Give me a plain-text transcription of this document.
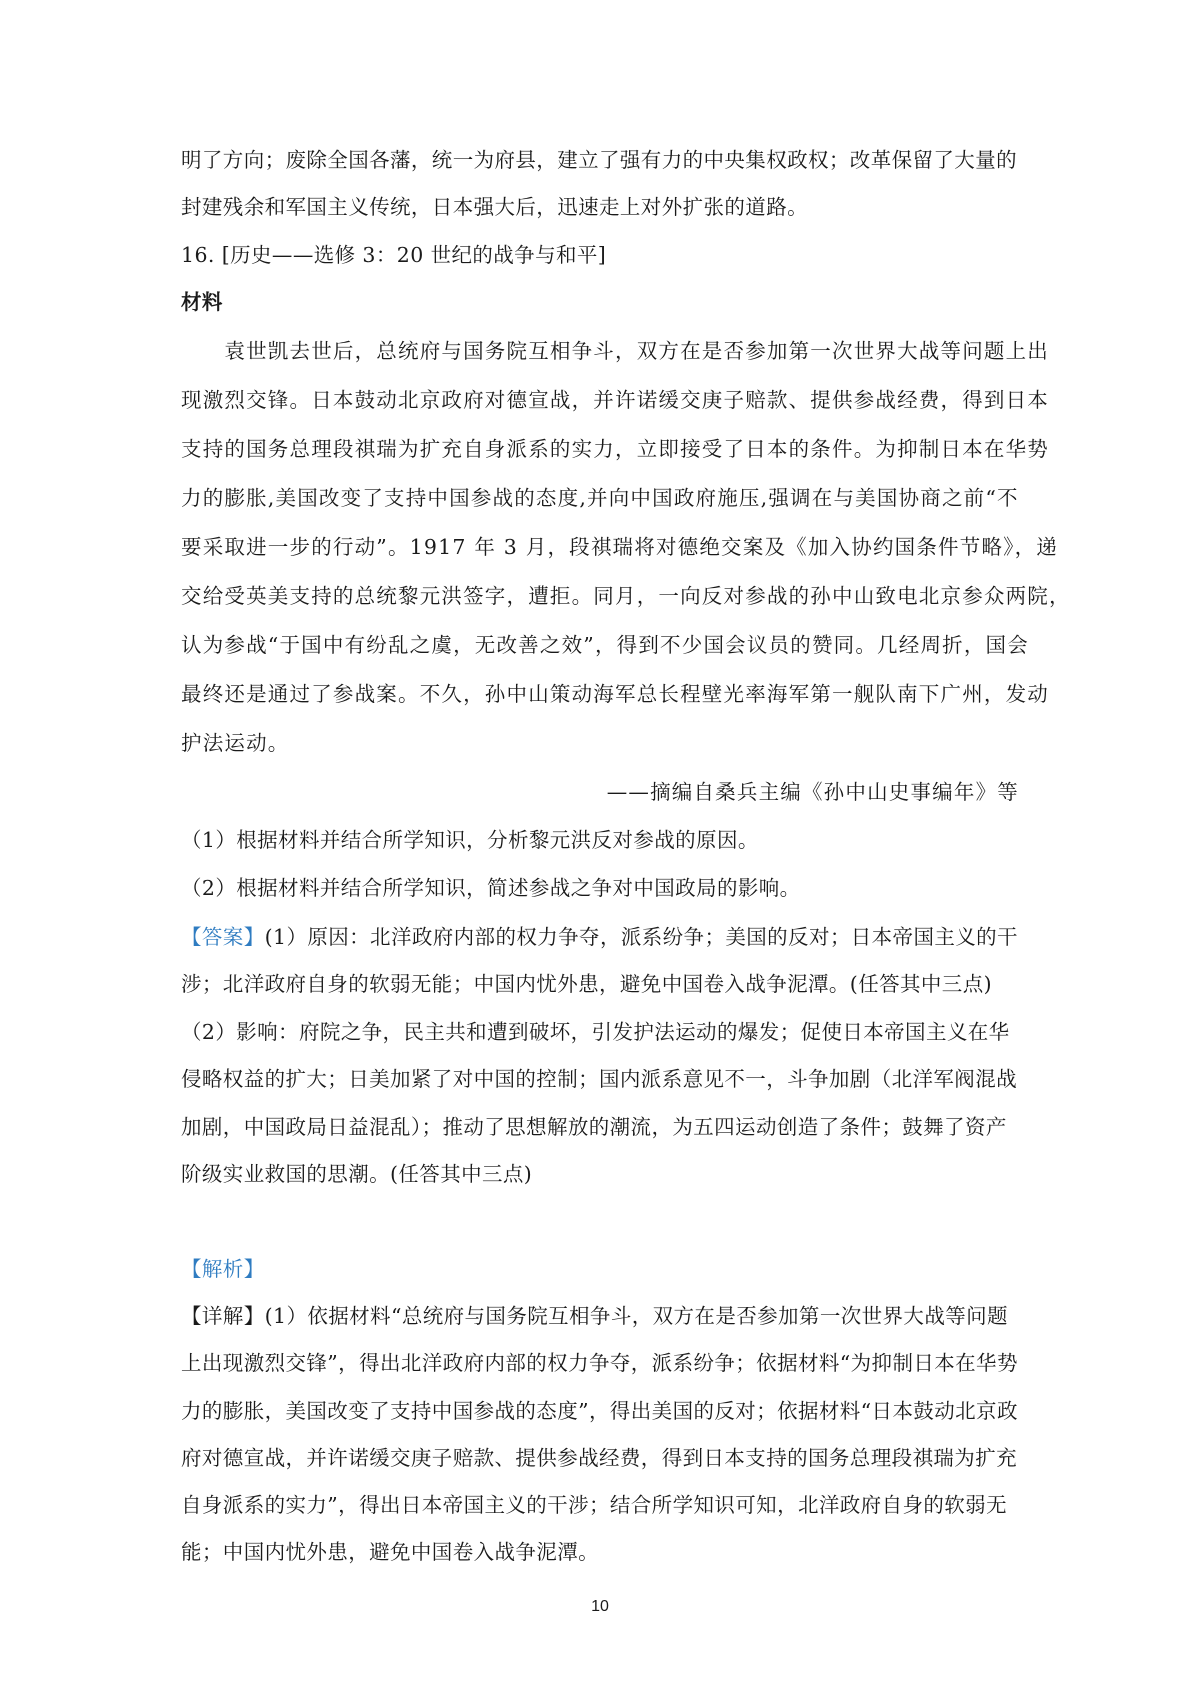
明了方向；废除全国各藩，统一为府县，建立了强有力的中央集权政权；改革保留了大量的
封建残余和军国主义传统，日本强大后，迅速走上对外扩张的道路。
16. [历史——选修 3：20 世纪的战争与和平]
材料
　　袁世凯去世后，总统府与国务院互相争斗，双方在是否参加第一次世界大战等问题上出
现激烈交锋。日本鼓动北京政府对德宣战，并许诺缓交庚子赔款、提供参战经费，得到日本
支持的国务总理段祺瑞为扩充自身派系的实力，立即接受了日本的条件。为抑制日本在华势
力的膨胀,美国改变了支持中国参战的态度,并向中国政府施压,强调在与美国协商之前“不
要采取进一步的行动”。1917 年 3 月，段祺瑞将对德绝交案及《加入协约国条件节略》，递
交给受英美支持的总统黎元洪签字，遭拒。同月，一向反对参战的孙中山致电北京参众两院，
认为参战“于国中有纷乱之虞，无改善之效”，得到不少国会议员的赞同。几经周折，国会
最终还是通过了参战案。不久，孙中山策动海军总长程壁光率海军第一舰队南下广州，发动
护法运动。
——摘编自桑兵主编《孙中山史事编年》等
（1）根据材料并结合所学知识，分析黎元洪反对参战的原因。
（2）根据材料并结合所学知识，简述参战之争对中国政局的影响。
【答案】(1）原因：北洋政府内部的权力争夺，派系纷争；美国的反对；日本帝国主义的干
涉；北洋政府自身的软弱无能；中国内忧外患，避免中国卷入战争泥潭。(任答其中三点)
（2）影响：府院之争，民主共和遭到破坏，引发护法运动的爆发；促使日本帝国主义在华
侵略权益的扩大；日美加紧了对中国的控制；国内派系意见不一，斗争加剧（北洋军阀混战
加剧，中国政局日益混乱）；推动了思想解放的潮流，为五四运动创造了条件；鼓舞了资产
阶级实业救国的思潮。(任答其中三点)
【解析】
【详解】(1）依据材料“总统府与国务院互相争斗，双方在是否参加第一次世界大战等问题
上出现激烈交锋”，得出北洋政府内部的权力争夺，派系纷争；依据材料“为抑制日本在华势
力的膨胀，美国改变了支持中国参战的态度”，得出美国的反对；依据材料“日本鼓动北京政
府对德宣战，并许诺缓交庚子赔款、提供参战经费，得到日本支持的国务总理段祺瑞为扩充
自身派系的实力”，得出日本帝国主义的干涉；结合所学知识可知，北洋政府自身的软弱无
能；中国内忧外患，避免中国卷入战争泥潭。
10
